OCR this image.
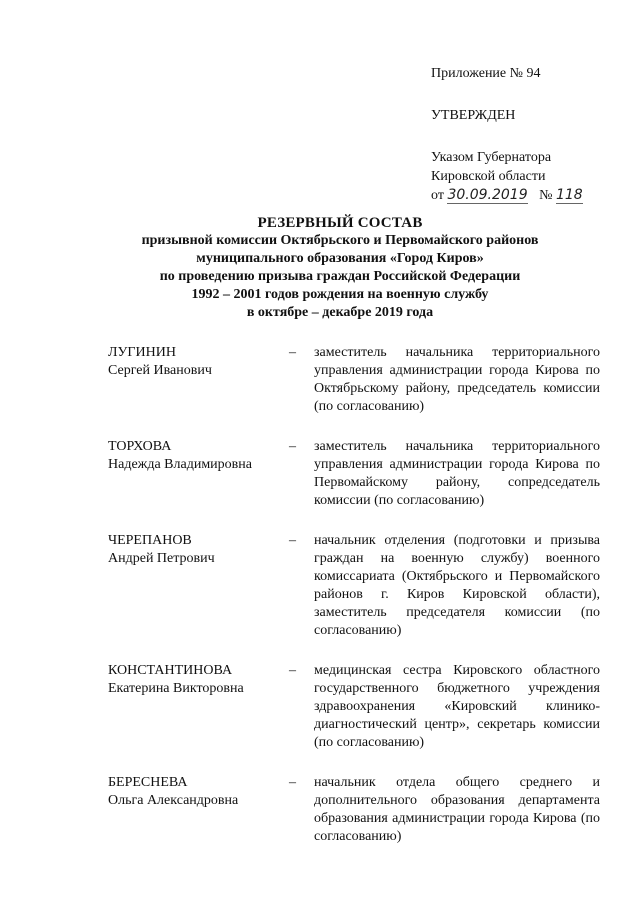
Приложение № 94
УТВЕРЖДЕН
Указом Губернатора
Кировской области
от 30.09.2019 № 118
РЕЗЕРВНЫЙ СОСТАВ
призывной комиссии Октябрьского и Первомайского районов
муниципального образования «Город Киров»
по проведению призыва граждан Российской Федерации
1992 – 2001 годов рождения на военную службу
в октябре – декабре 2019 года
ЛУГИНИН
Сергей Иванович
–	заместитель начальника территориального управления администрации города Кирова по Октябрьскому району, председатель комиссии (по согласованию)
ТОРХОВА
Надежда Владимировна
–	заместитель начальника территориального управления администрации города Кирова по Первомайскому району, сопредседатель комиссии (по согласованию)
ЧЕРЕПАНОВ
Андрей Петрович
–	начальник отделения (подготовки и призыва граждан на военную службу) военного комиссариата (Октябрьского и Первомайского районов г. Киров Кировской области), заместитель председателя комиссии (по согласованию)
КОНСТАНТИНОВА
Екатерина Викторовна
–	медицинская сестра Кировского областного государственного бюджетного учреждения здравоохранения «Кировский клинико-диагностический центр», секретарь комиссии (по согласованию)
БЕРЕСНЕВА
Ольга Александровна
–	начальник отдела общего среднего и дополнительного образования департамента образования администрации города Кирова (по согласованию)
